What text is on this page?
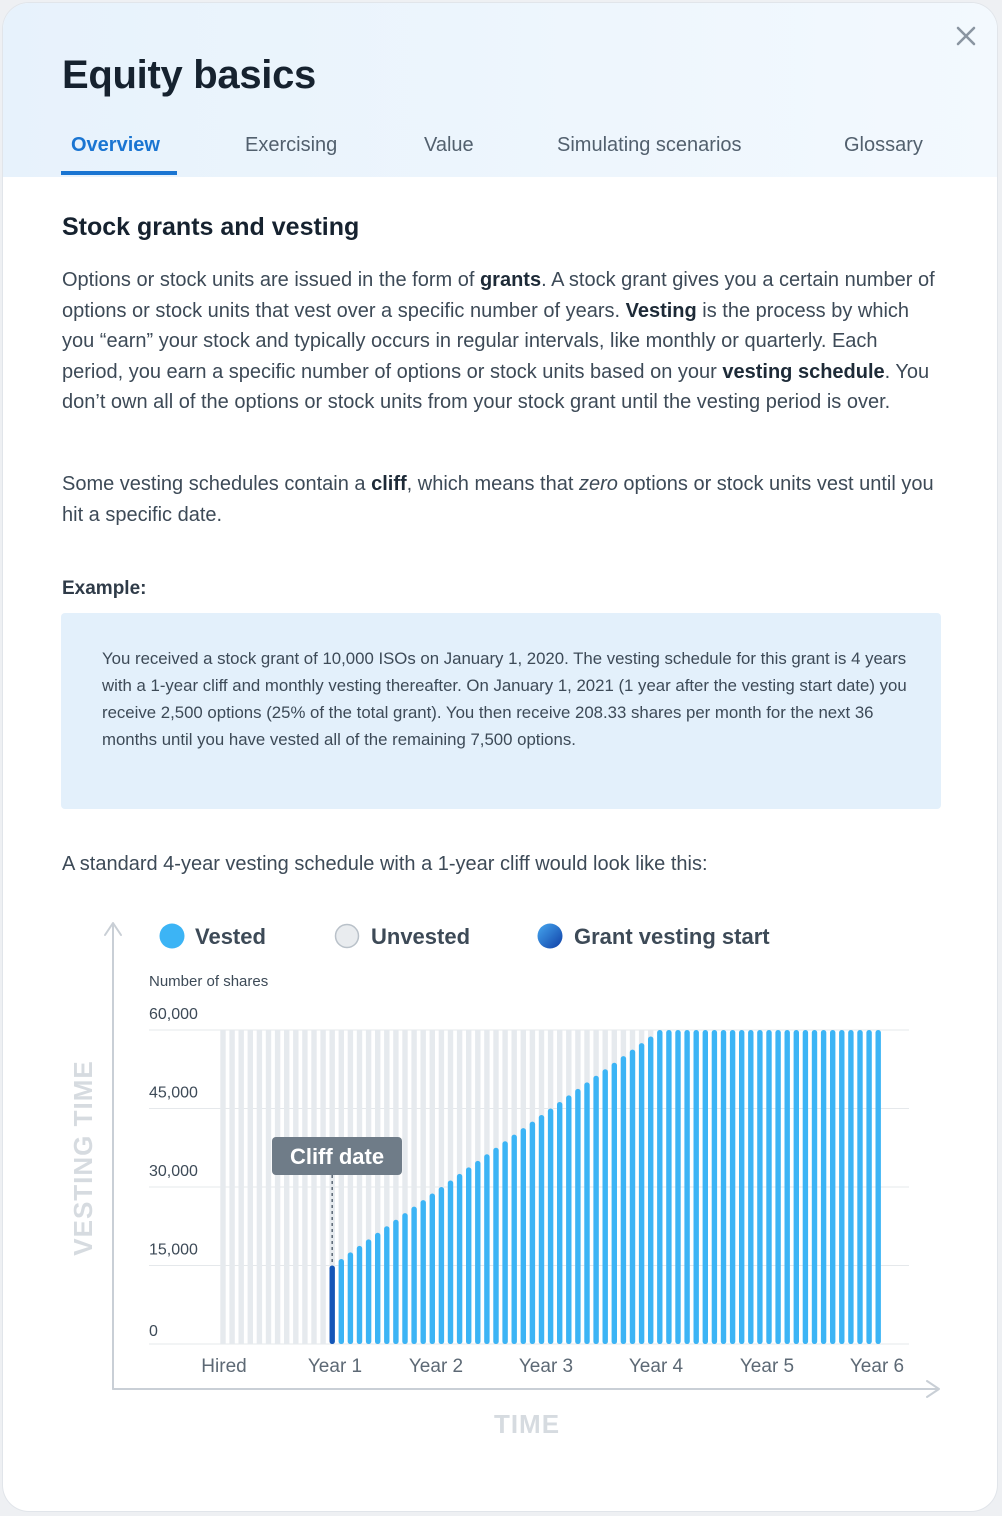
Equity basics
Overview	Exercising	Value	Simulating scenarios	Glossary
Stock grants and vesting

Options or stock units are issued in the form of grants. A stock grant gives you a certain number of options or stock units that vest over a specific number of years. Vesting is the process by which you “earn” your stock and typically occurs in regular intervals, like monthly or quarterly. Each period, you earn a specific number of options or stock units based on your vesting schedule. You don’t own all of the options or stock units from your stock grant until the vesting period is over.

Some vesting schedules contain a cliff, which means that zero options or stock units vest until you hit a specific date.

Example:

You received a stock grant of 10,000 ISOs on January 1, 2020. The vesting schedule for this grant is 4 years with a 1-year cliff and monthly vesting thereafter. On January 1, 2021 (1 year after the vesting start date) you receive 2,500 options (25% of the total grant). You then receive 208.33 shares per month for the next 36 months until you have vested all of the remaining 7,500 options.

A standard 4-year vesting schedule with a 1-year cliff would look like this:
VESTING TIME
TIME
Vested	Unvested	Grant vesting start
Number of shares
60,000
45,000
30,000
15,000
0
Hired	Year 1 Year 2	Year 3	Year 4	Year 5	Year 6
Cliff date
